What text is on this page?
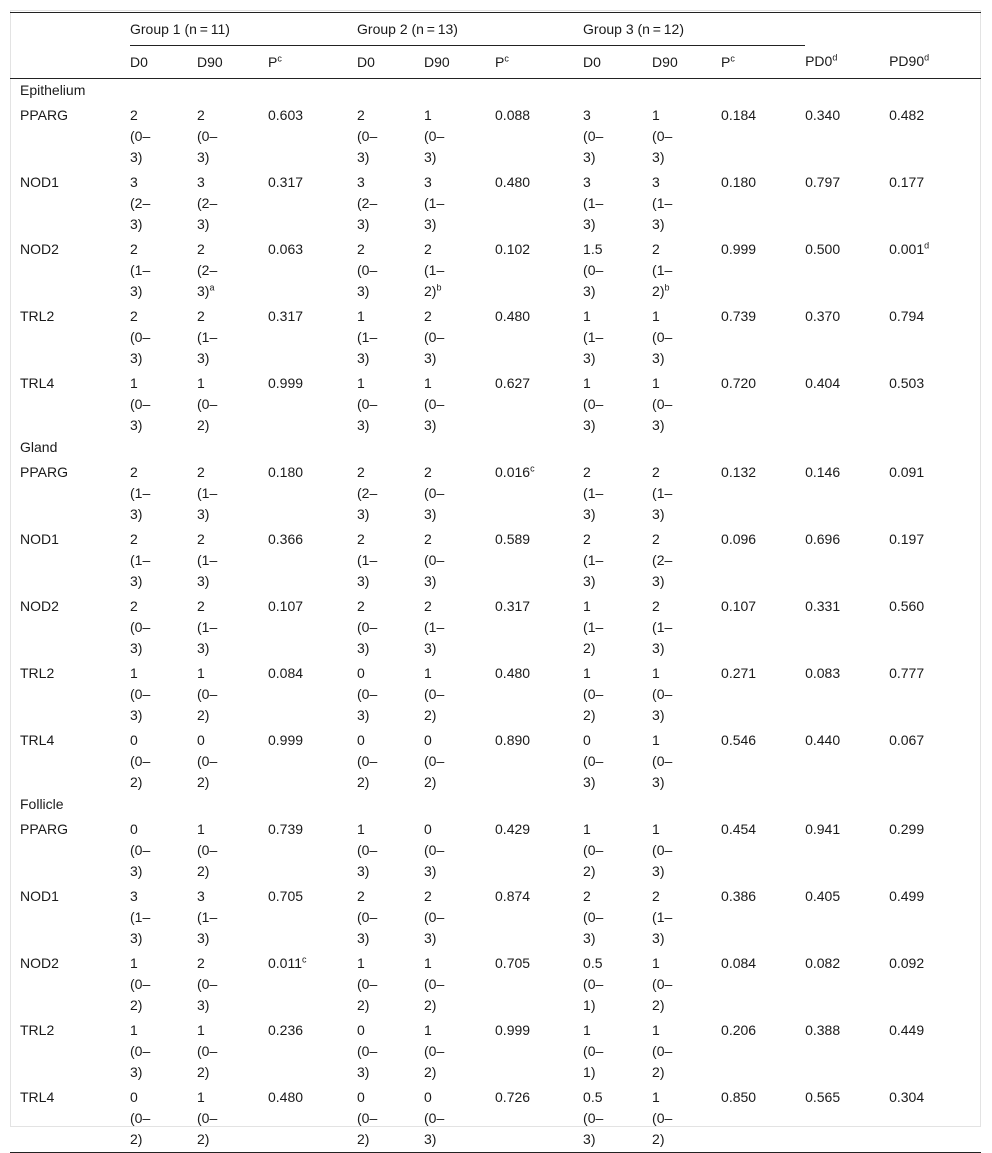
	Group 1 (n = 11)			Group 2 (n = 13)			Group 3 (n = 12)				
	D0	D90	$P^c$	D0	D90	$P^c$	D0	D90	$P^c$	PD0$^d$	PD90$^d$
Epithelium											
PPARG	2
(0–
3)	2
(0–
3)	0.603	2
(0–
3)	1
(0–
3)	0.088	3
(0–
3)	1
(0–
3)	0.184	0.340	0.482
NOD1	3
(2–
3)	3
(2–
3)	0.317	3
(2–
3)	3
(1–
3)	0.480	3
(1–
3)	3
(1–
3)	0.180	0.797	0.177
NOD2	2
(1–
3)	2
(2–
3)$^a$	0.063	2
(0–
3)	2
(1–
2)$^b$	0.102	1.5
(0–
3)	2
(1–
2)$^b$	0.999	0.500	0.001$^d$
TRL2	2
(0–
3)	2
(1–
3)	0.317	1
(1–
3)	2
(0–
3)	0.480	1
(1–
3)	1
(0–
3)	0.739	0.370	0.794
TRL4	1
(0–
3)	1
(0–
2)	0.999	1
(0–
3)	1
(0–
3)	0.627	1
(0–
3)	1
(0–
3)	0.720	0.404	0.503
Gland											
PPARG	2
(1–
3)	2
(1–
3)	0.180	2
(2–
3)	2
(0–
3)	0.016$^c$	2
(1–
3)	2
(1–
3)	0.132	0.146	0.091
NOD1	2
(1–
3)	2
(1–
3)	0.366	2
(1–
3)	2
(0–
3)	0.589	2
(1–
3)	2
(2–
3)	0.096	0.696	0.197
NOD2	2
(0–
3)	2
(1–
3)	0.107	2
(0–
3)	2
(1–
3)	0.317	1
(1–
2)	2
(1–
3)	0.107	0.331	0.560
TRL2	1
(0–
3)	1
(0–
2)	0.084	0
(0–
3)	1
(0–
2)	0.480	1
(0–
2)	1
(0–
3)	0.271	0.083	0.777
TRL4	0
(0–
2)	0
(0–
2)	0.999	0
(0–
2)	0
(0–
2)	0.890	0
(0–
3)	1
(0–
3)	0.546	0.440	0.067
Follicle											
PPARG	0
(0–
3)	1
(0–
2)	0.739	1
(0–
3)	0
(0–
3)	0.429	1
(0–
2)	1
(0–
3)	0.454	0.941	0.299
NOD1	3
(1–
3)	3
(1–
3)	0.705	2
(0–
3)	2
(0–
3)	0.874	2
(0–
3)	2
(1–
3)	0.386	0.405	0.499
NOD2	1
(0–
2)	2
(0–
3)	0.011$^c$	1
(0–
2)	1
(0–
2)	0.705	0.5
(0–
1)	1
(0–
2)	0.084	0.082	0.092
TRL2	1
(0–
3)	1
(0–
2)	0.236	0
(0–
3)	1
(0–
2)	0.999	1
(0–
1)	1
(0–
2)	0.206	0.388	0.449
TRL4	0
(0–
2)	1
(0–
2)	0.480	0
(0–
2)	0
(0–
3)	0.726	0.5
(0–
3)	1
(0–
2)	0.850	0.565	0.304
